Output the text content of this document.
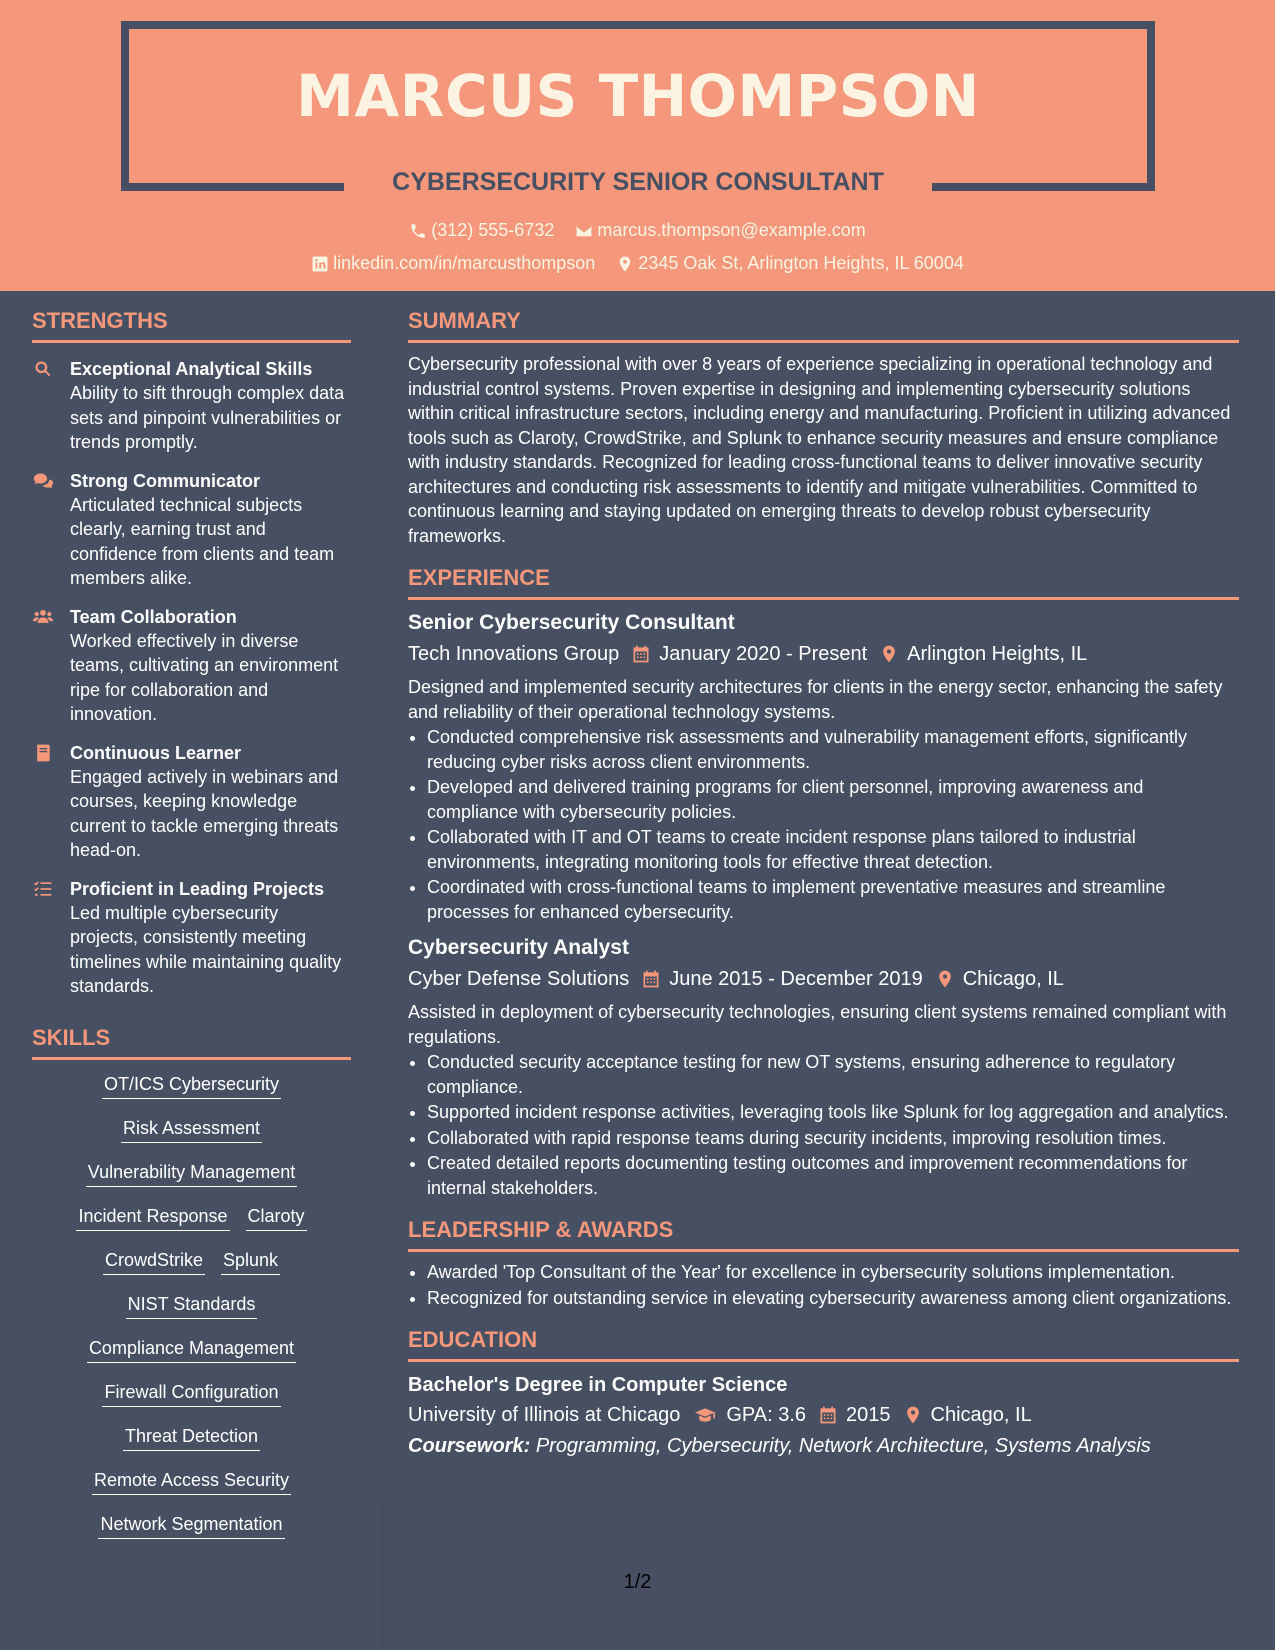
MARCUS THOMPSON
CYBERSECURITY SENIOR CONSULTANT
(312) 555-6732
marcus.thompson@example.com
linkedin.com/in/marcusthompson
2345 Oak St, Arlington Heights, IL 60004
STRENGTHS
Exceptional Analytical Skills
Ability to sift through complex data sets and pinpoint vulnerabilities or trends promptly.
Strong Communicator
Articulated technical subjects clearly, earning trust and confidence from clients and team members alike.
Team Collaboration
Worked effectively in diverse teams, cultivating an environment ripe for collaboration and innovation.
Continuous Learner
Engaged actively in webinars and courses, keeping knowledge current to tackle emerging threats head-on.
Proficient in Leading Projects
Led multiple cybersecurity projects, consistently meeting timelines while maintaining quality standards.
SKILLS
OT/ICS Cybersecurity
Risk Assessment
Vulnerability Management
Incident Response Claroty
CrowdStrike Splunk
NIST Standards
Compliance Management
Firewall Configuration
Threat Detection
Remote Access Security
Network Segmentation
SUMMARY
Cybersecurity professional with over 8 years of experience specializing in operational technology and industrial control systems. Proven expertise in designing and implementing cybersecurity solutions within critical infrastructure sectors, including energy and manufacturing. Proficient in utilizing advanced tools such as Claroty, CrowdStrike, and Splunk to enhance security measures and ensure compliance with industry standards. Recognized for leading cross-functional teams to deliver innovative security architectures and conducting risk assessments to identify and mitigate vulnerabilities. Committed to continuous learning and staying updated on emerging threats to develop robust cybersecurity frameworks.
EXPERIENCE
Senior Cybersecurity Consultant
Tech Innovations Group January 2020 - Present Arlington Heights, IL
Designed and implemented security architectures for clients in the energy sector, enhancing the safety and reliability of their operational technology systems.
• Conducted comprehensive risk assessments and vulnerability management efforts, significantly reducing cyber risks across client environments.
• Developed and delivered training programs for client personnel, improving awareness and compliance with cybersecurity policies.
• Collaborated with IT and OT teams to create incident response plans tailored to industrial environments, integrating monitoring tools for effective threat detection.
• Coordinated with cross-functional teams to implement preventative measures and streamline processes for enhanced cybersecurity.
Cybersecurity Analyst
Cyber Defense Solutions June 2015 - December 2019 Chicago, IL
Assisted in deployment of cybersecurity technologies, ensuring client systems remained compliant with regulations.
• Conducted security acceptance testing for new OT systems, ensuring adherence to regulatory compliance.
• Supported incident response activities, leveraging tools like Splunk for log aggregation and analytics.
• Collaborated with rapid response teams during security incidents, improving resolution times.
• Created detailed reports documenting testing outcomes and improvement recommendations for internal stakeholders.
LEADERSHIP & AWARDS
• Awarded 'Top Consultant of the Year' for excellence in cybersecurity solutions implementation.
• Recognized for outstanding service in elevating cybersecurity awareness among client organizations.
EDUCATION
Bachelor's Degree in Computer Science
University of Illinois at Chicago GPA: 3.6 2015 Chicago, IL
Coursework: Programming, Cybersecurity, Network Architecture, Systems Analysis
1/2
